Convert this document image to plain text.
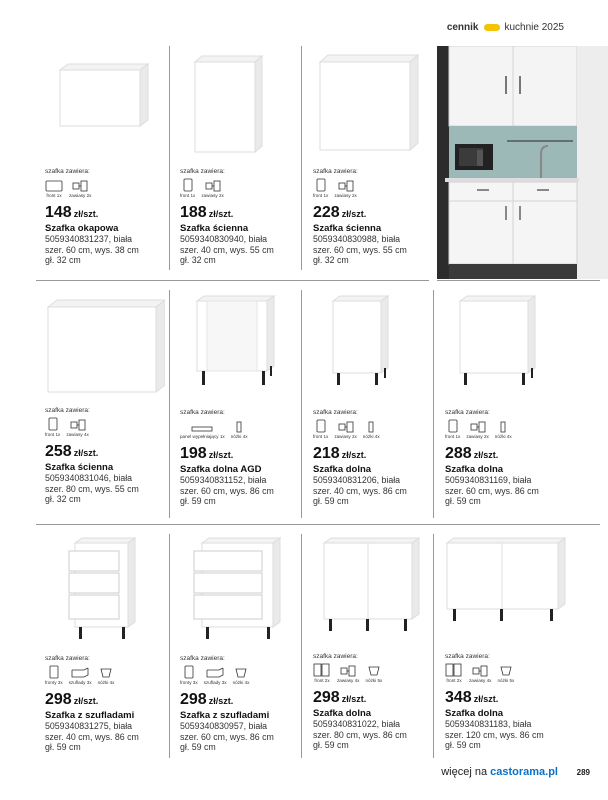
cennik	kuchnie 2025
szafka zawiera:
front 1x zawiasy 2x
148 zł/szt.
Szafka okapowa
5059340831237, biała
szer. 60 cm, wys. 38 cm
gł. 32 cm
szafka zawiera:
front 1x zawiasy 2x
188 zł/szt.
Szafka ścienna
5059340830940, biała
szer. 40 cm, wys. 55 cm
gł. 32 cm
szafka zawiera:
front 1x zawiasy 2x
228 zł/szt.
Szafka ścienna
5059340830988, biała
szer. 60 cm, wys. 55 cm
gł. 32 cm
szafka zawiera:
front 1x zawiasy 4x
258 zł/szt.
Szafka ścienna
5059340831046, biała
szer. 80 cm, wys. 55 cm
gł. 32 cm
szafka zawiera:
panel wypełniający 1x nóżki 4x
198 zł/szt.
Szafka dolna AGD
5059340831152, biała
szer. 60 cm, wys. 86 cm
gł. 59 cm
szafka zawiera:
front 1x zawiasy 2x nóżki 4x
218 zł/szt.
Szafka dolna
5059340831206, biała
szer. 40 cm, wys. 86 cm
gł. 59 cm
szafka zawiera:
front 1x zawiasy 2x nóżki 4x
288 zł/szt.
Szafka dolna
5059340831169, biała
szer. 60 cm, wys. 86 cm
gł. 59 cm
szafka zawiera:
fronty 3x szuflady 3x nóżki 4x
298 zł/szt.
Szafka z szufladami
5059340831275, biała
szer. 40 cm, wys. 86 cm
gł. 59 cm
szafka zawiera:
fronty 3x szuflady 3x nóżki 4x
298 zł/szt.
Szafka z szufladami
5059340830957, biała
szer. 60 cm, wys. 86 cm
gł. 59 cm
szafka zawiera:
front 2x zawiasy 4x nóżki 5x
298 zł/szt.
Szafka dolna
5059340831022, biała
szer. 80 cm, wys. 86 cm
gł. 59 cm
szafka zawiera:
front 2x zawiasy 4x nóżki 5x
348 zł/szt.
Szafka dolna
5059340831183, biała
szer. 120 cm, wys. 86 cm
gł. 59 cm
więcej na castorama.pl 289
